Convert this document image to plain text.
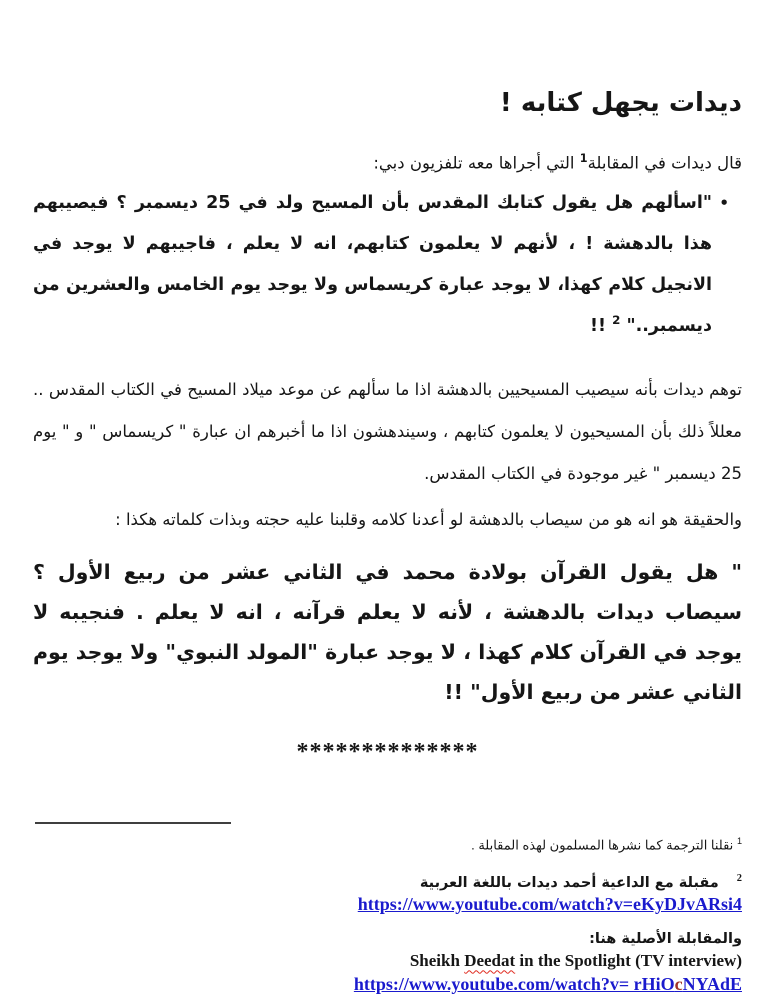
ديدات يجهل كتابه !

قال ديدات في المقابلة$^1$ التي أجراها معه تلفزيون دبي:

•"اسألهم هل يقول كتابك المقدس بأن المسيح ولد في 25 ديسمبر ؟ فيصيبهم هذا بالدهشة ! ، لأنهم لا يعلمون كتابهم، انه لا يعلم ، فاجيبهم لا يوجد في الانجيل كلام كهذا، لا يوجد عبارة كريسماس ولا يوجد يوم الخامس والعشرين من ديسمبر.." $^2$ !!

توهم ديدات بأنه سيصيب المسيحيين بالدهشة اذا ما سألهم عن موعد ميلاد المسيح في الكتاب المقدس .. معللاً ذلك بأن المسيحيون لا يعلمون كتابهم ، وسيندهشون اذا ما أخبرهم ان عبارة " كريسماس " و " يوم 25 ديسمبر " غير موجودة في الكتاب المقدس.

والحقيقة هو انه هو من سيصاب بالدهشة لو أعدنا كلامه وقلبنا عليه حجته وبذات كلماته هكذا :

" هل يقول القرآن بولادة محمد في الثاني عشر من ربيع الأول ؟ سيصاب ديدات بالدهشة ، لأنه لا يعلم قرآنه ، انه لا يعلم . فنجيبه لا يوجد في القرآن كلام كهذا ، لا يوجد عبارة "المولد النبوي" ولا يوجد يوم الثاني عشر من ربيع الأول" !!

**************

$^1$ نقلنا الترجمة كما نشرها المسلمون لهذه المقابلة .

$^2$مقبلة مع الداعية أحمد ديدات باللغة العربية

https://www.youtube.com/watch?v=eKyDJvARsi4

والمقابلة الأصلية هنا:

Sheikh Deedat in the Spotlight (TV interview)

https://www.youtube.com/watch?v= rHiOcNYAdE
